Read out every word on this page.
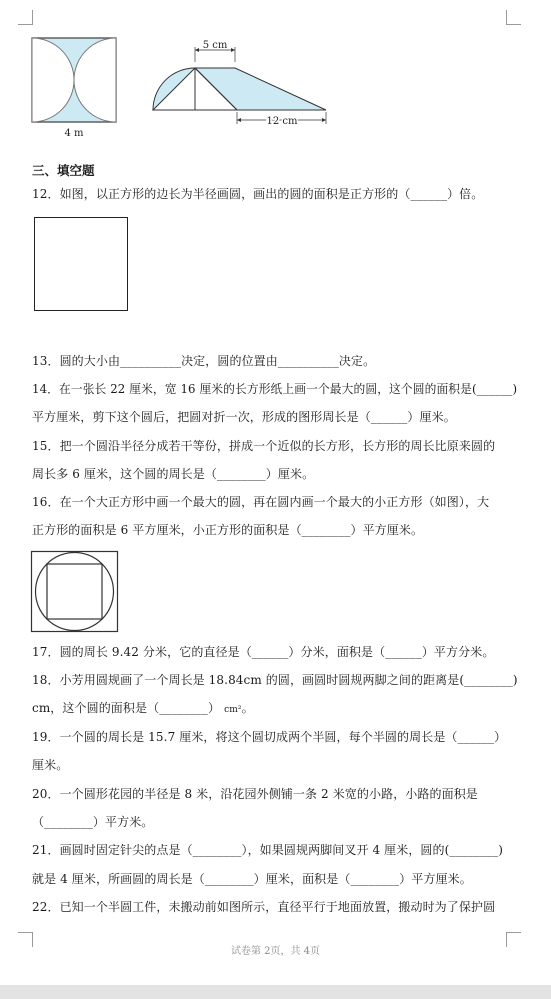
4 m
5 cm
12 cm
三、填空题
12．如图，以正方形的边长为半径画圆，画出的圆的面积是正方形的（______）倍。
13．圆的大小由__________决定，圆的位置由__________决定。
14．在一张长 22 厘米，宽 16 厘米的长方形纸上画一个最大的圆，这个圆的面积是(______)
平方厘米，剪下这个圆后，把圆对折一次，形成的图形周长是（______）厘米。
15．把一个圆沿半径分成若干等份，拼成一个近似的长方形，长方形的周长比原来圆的
周长多 6 厘米，这个圆的周长是（________）厘米。
16．在一个大正方形中画一个最大的圆，再在圆内画一个最大的小正方形（如图），大
正方形的面积是 6 平方厘米，小正方形的面积是（________）平方厘米。
17．圆的周长 9.42 分米，它的直径是（______）分米，面积是（______）平方分米。
18．小芳用圆规画了一个周长是 18.84cm 的圆，画圆时圆规两脚之间的距离是(________)
cm，这个圆的面积是（________） cm²。
19．一个圆的周长是 15.7 厘米，将这个圆切成两个半圆，每个半圆的周长是（______）
厘米。
20．一个圆形花园的半径是 8 米，沿花园外侧铺一条 2 米宽的小路，小路的面积是
（________）平方米。
21．画圆时固定针尖的点是（________），如果圆规两脚间叉开 4 厘米，圆的(________)
就是 4 厘米，所画圆的周长是（________）厘米，面积是（________）平方厘米。
22．已知一个半圆工件，未搬动前如图所示，直径平行于地面放置，搬动时为了保护圆
试卷第 2页，共 4页
